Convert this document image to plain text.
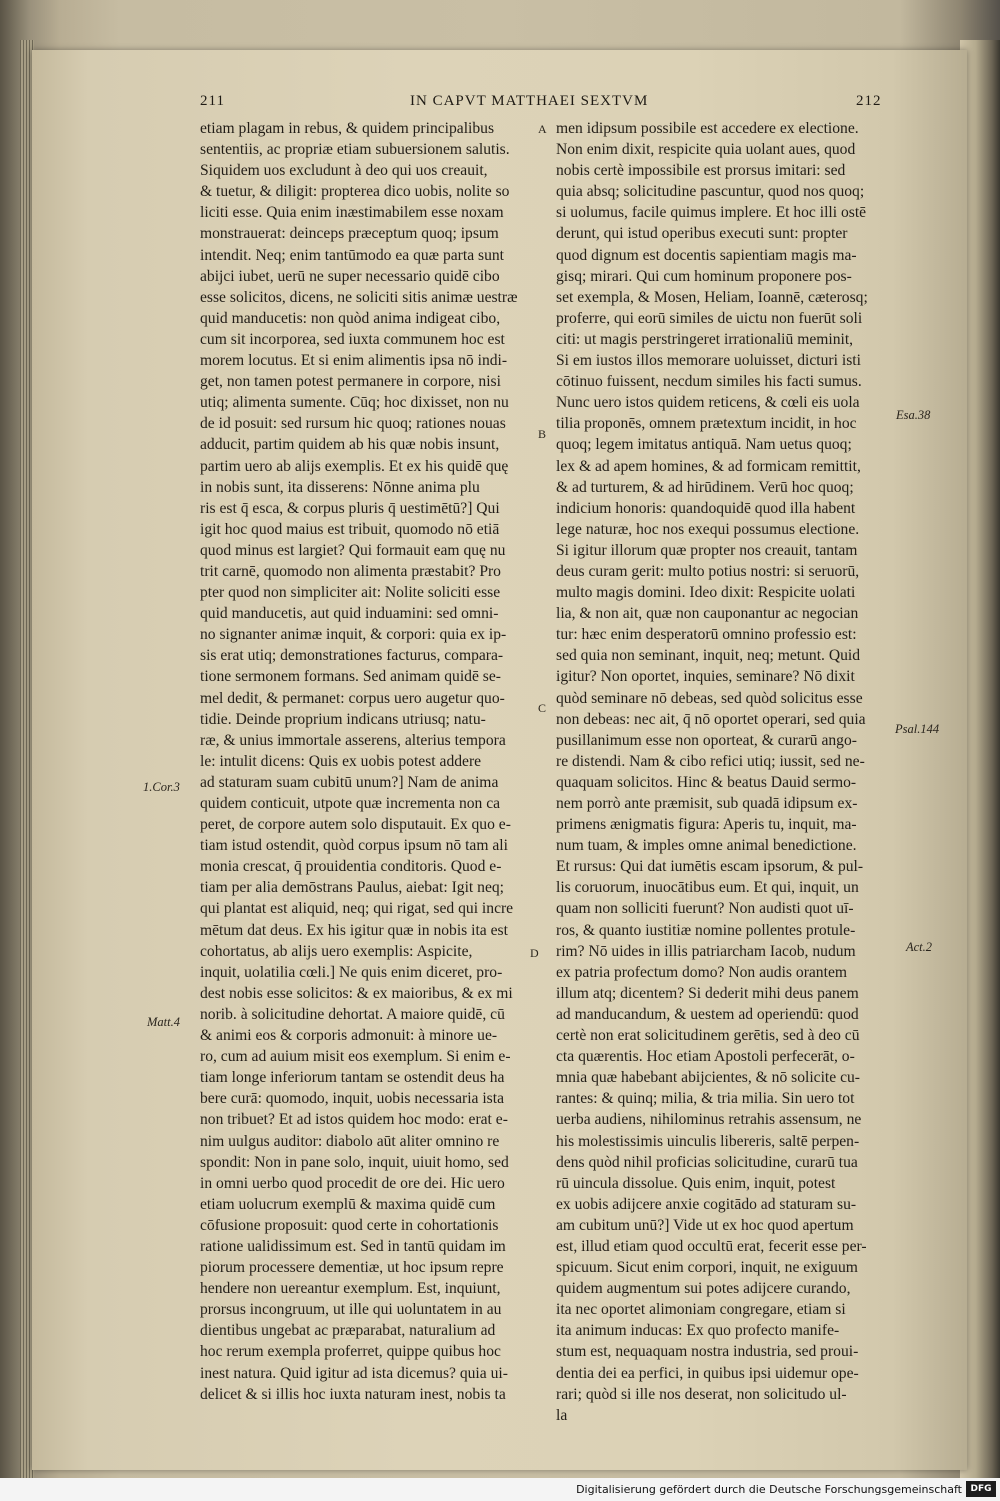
211	IN CAPVT MATTHAEI SEXTVM	212
etiam plagam in rebus, & quidem principalibus
sententiis, ac propriæ etiam subuersionem salutis.
Siquidem uos excludunt à deo qui uos creauit,
& tuetur, & diligit: propterea dico uobis, nolite so
liciti esse. Quia enim inæstimabilem esse noxam
monstrauerat: deinceps præceptum quoq; ipsum
intendit. Neq; enim tantūmodo ea quæ parta sunt
abijci iubet, uerū ne super necessario quidē cibo
esse solicitos, dicens, ne soliciti sitis animæ uestræ
quid manducetis: non quòd anima indigeat cibo,
cum sit incorporea, sed iuxta communem hoc est
morem locutus. Et si enim alimentis ipsa nō indi-
get, non tamen potest permanere in corpore, nisi
utiq; alimenta sumente. Cūq; hoc dixisset, non nu
de id posuit: sed rursum hic quoq; rationes nouas
adducit, partim quidem ab his quæ nobis insunt,
partim uero ab alijs exemplis. Et ex his quidē quę
in nobis sunt, ita disserens: Nōnne anima plu
ris est q̄ esca, & corpus pluris q̄ uestimētū?] Qui
igit hoc quod maius est tribuit, quomodo nō etiā
quod minus est largiet? Qui formauit eam quę nu
trit carnē, quomodo non alimenta præstabit? Pro
pter quod non simpliciter ait: Nolite soliciti esse
quid manducetis, aut quid induamini: sed omni-
no signanter animæ inquit, & corpori: quia ex ip-
sis erat utiq; demonstrationes facturus, compara-
tione sermonem formans. Sed animam quidē se-
mel dedit, & permanet: corpus uero augetur quo-
tidie. Deinde proprium indicans utriusq; natu-
ræ, & unius immortale asserens, alterius tempora
le: intulit dicens: Quis ex uobis potest addere
ad staturam suam cubitū unum?] Nam de anima
quidem conticuit, utpote quæ incrementa non ca
peret, de corpore autem solo disputauit. Ex quo e-
tiam istud ostendit, quòd corpus ipsum nō tam ali
monia crescat, q̄ prouidentia conditoris. Quod e-
tiam per alia demōstrans Paulus, aiebat: Igit neq;
qui plantat est aliquid, neq; qui rigat, sed qui incre
mētum dat deus. Ex his igitur quæ in nobis ita est
cohortatus, ab alijs uero exemplis: Aspicite,
inquit, uolatilia cœli.] Ne quis enim diceret, pro-
dest nobis esse solicitos: & ex maioribus, & ex mi
norib. à solicitudine dehortat. A maiore quidē, cū
& animi eos & corporis admonuit: à minore ue-
ro, cum ad auium misit eos exemplum. Si enim e-
tiam longe inferiorum tantam se ostendit deus ha
bere curā: quomodo, inquit, uobis necessaria ista
non tribuet? Et ad istos quidem hoc modo: erat e-
nim uulgus auditor: diabolo aūt aliter omnino re
spondit: Non in pane solo, inquit, uiuit homo, sed
in omni uerbo quod procedit de ore dei. Hic uero
etiam uolucrum exemplū & maxima quidē cum
cōfusione proposuit: quod certe in cohortationis
ratione ualidissimum est. Sed in tantū quidam im
piorum processere dementiæ, ut hoc ipsum repre
hendere non uereantur exemplum. Est, inquiunt,
prorsus incongruum, ut ille qui uoluntatem in au
dientibus ungebat ac præparabat, naturalium ad
hoc rerum exempla proferret, quippe quibus hoc
inest natura. Quid igitur ad ista dicemus? quia ui-
delicet & si illis hoc iuxta naturam inest, nobis ta
men idipsum possibile est accedere ex electione.
Non enim dixit, respicite quia uolant aues, quod
nobis certè impossibile est prorsus imitari: sed
quia absq; solicitudine pascuntur, quod nos quoq;
si uolumus, facile quimus implere. Et hoc illi ostē
derunt, qui istud operibus executi sunt: propter
quod dignum est docentis sapientiam magis ma-
gisq; mirari. Qui cum hominum proponere pos-
set exempla, & Mosen, Heliam, Ioannē, cæterosq;
proferre, qui eorū similes de uictu non fuerūt soli
citi: ut magis perstringeret irrationaliū meminit,
Si em iustos illos memorare uoluisset, dicturi isti
cōtinuo fuissent, necdum similes his facti sumus.
Nunc uero istos quidem reticens, & cœli eis uola
tilia proponēs, omnem prætextum incidit, in hoc
quoq; legem imitatus antiquā. Nam uetus quoq;
lex & ad apem homines, & ad formicam remittit,
& ad turturem, & ad hirūdinem. Verū hoc quoq;
indicium honoris: quandoquidē quod illa habent
lege naturæ, hoc nos exequi possumus electione.
Si igitur illorum quæ propter nos creauit, tantam
deus curam gerit: multo potius nostri: si seruorū,
multo magis domini. Ideo dixit: Respicite uolati
lia, & non ait, quæ non cauponantur ac negocian
tur: hæc enim desperatorū omnino professio est:
sed quia non seminant, inquit, neq; metunt. Quid
igitur? Non oportet, inquies, seminare? Nō dixit
quòd seminare nō debeas, sed quòd solicitus esse
non debeas: nec ait, q̄ nō oportet operari, sed quia
pusillanimum esse non oporteat, & curarū ango-
re distendi. Nam & cibo refici utiq; iussit, sed ne-
quaquam solicitos. Hinc & beatus Dauid sermo-
nem porrò ante præmisit, sub quadā idipsum ex-
primens ænigmatis figura: Aperis tu, inquit, ma-
num tuam, & imples omne animal benedictione.
Et rursus: Qui dat iumētis escam ipsorum, & pul-
lis coruorum, inuocātibus eum. Et qui, inquit, un
quam non solliciti fuerunt? Non audisti quot uī-
ros, & quanto iustitiæ nomine pollentes protule-
rim? Nō uides in illis patriarcham Iacob, nudum
ex patria profectum domo? Non audis orantem
illum atq; dicentem? Si dederit mihi deus panem
ad manducandum, & uestem ad operiendū: quod
certè non erat solicitudinem gerētis, sed à deo cū
cta quærentis. Hoc etiam Apostoli perfecerāt, o-
mnia quæ habebant abijcientes, & nō solicite cu-
rantes: & quinq; milia, & tria milia. Sin uero tot
uerba audiens, nihilominus retrahis assensum, ne
his molestissimis uinculis libereris, saltē perpen-
dens quòd nihil proficias solicitudine, curarū tua
rū uincula dissolue. Quis enim, inquit, potest
ex uobis adijcere anxie cogitādo ad staturam su-
am cubitum unū?] Vide ut ex hoc quod apertum
est, illud etiam quod occultū erat, fecerit esse per-
spicuum. Sicut enim corpori, inquit, ne exiguum
quidem augmentum sui potes adijcere curando,
ita nec oportet alimoniam congregare, etiam si
ita animum inducas: Ex quo profecto manife-
stum est, nequaquam nostra industria, sed proui-
dentia dei ea perfici, in quibus ipsi uidemur ope-
rari; quòd si ille nos deserat, non solicitudo ul-
la
A
B
C
D
1.Cor.3
Matt.4
Esa.38
Psal.144
Act.2
Digitalisierung gefördert durch die Deutsche Forschungsgemeinschaft DFG
